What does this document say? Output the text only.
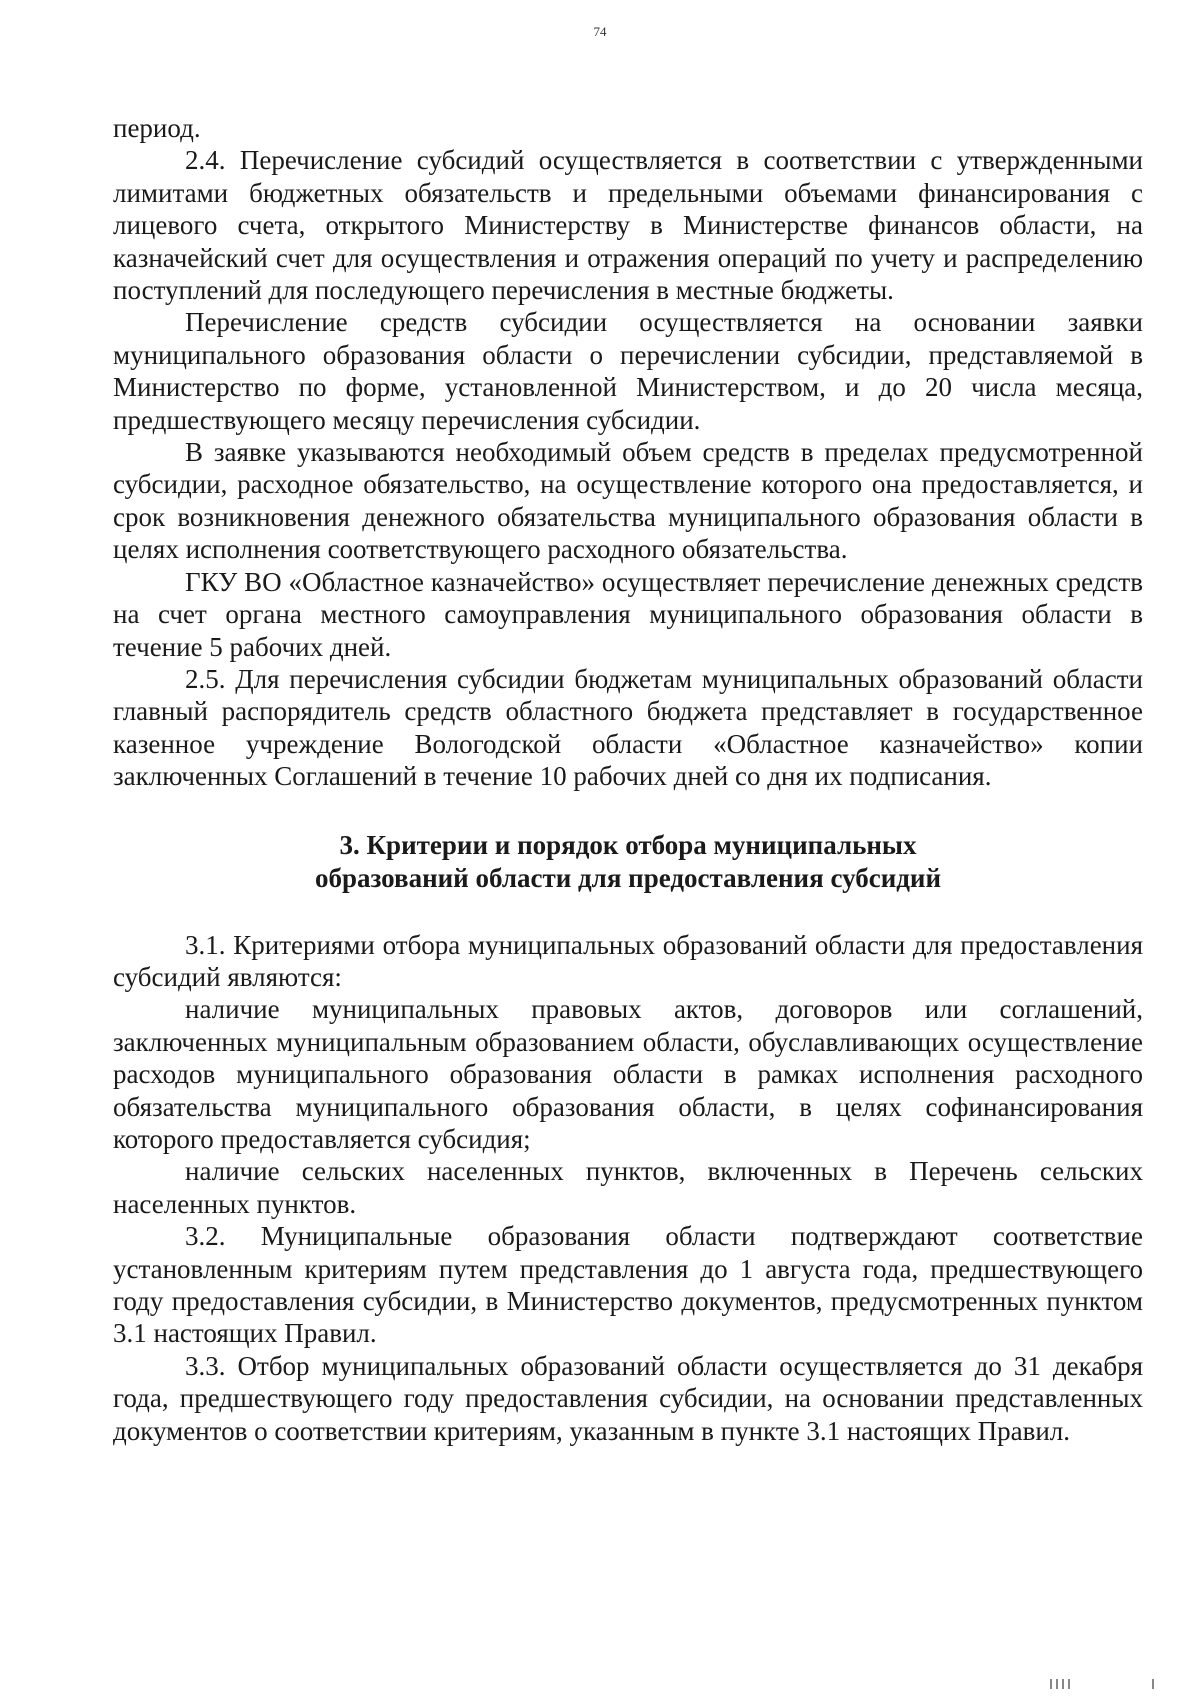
74

период.

2.4. Перечисление субсидий осуществляется в соответствии с утвержденными лимитами бюджетных обязательств и предельными объемами финансирования с лицевого счета, открытого Министерству в Министерстве финансов области, на казначейский счет для осуществления и отражения операций по учету и распределению поступлений для последующего перечисления в местные бюджеты.

Перечисление средств субсидии осуществляется на основании заявки муниципального образования области о перечислении субсидии, представляемой в Министерство по форме, установленной Министерством, и до 20 числа месяца, предшествующего месяцу перечисления субсидии.

В заявке указываются необходимый объем средств в пределах предусмотренной субсидии, расходное обязательство, на осуществление которого она предоставляется, и срок возникновения денежного обязательства муниципального образования области в целях исполнения соответствующего расходного обязательства.

ГКУ ВО «Областное казначейство» осуществляет перечисление денежных средств на счет органа местного самоуправления муниципального образования области в течение 5 рабочих дней.

2.5. Для перечисления субсидии бюджетам муниципальных образований области главный распорядитель средств областного бюджета представляет в государственное казенное учреждение Вологодской области «Областное казначейство» копии заключенных Соглашений в течение 10 рабочих дней со дня их подписания.

3. Критерии и порядок отбора муниципальных
образований области для предоставления субсидий

3.1. Критериями отбора муниципальных образований области для предоставления субсидий являются:

наличие муниципальных правовых актов, договоров или соглашений, заключенных муниципальным образованием области, обуславливающих осуществление расходов муниципального образования области в рамках исполнения расходного обязательства муниципального образования области, в целях софинансирования которого предоставляется субсидия;

наличие сельских населенных пунктов, включенных в Перечень сельских населенных пунктов.

3.2. Муниципальные образования области подтверждают соответствие установленным критериям путем представления до 1 августа года, предшествующего году предоставления субсидии, в Министерство документов, предусмотренных пунктом 3.1 настоящих Правил.

3.3. Отбор муниципальных образований области осуществляется до 31 декабря года, предшествующего году предоставления субсидии, на основании представленных документов о соответствии критериям, указанным в пункте 3.1 настоящих Правил.
